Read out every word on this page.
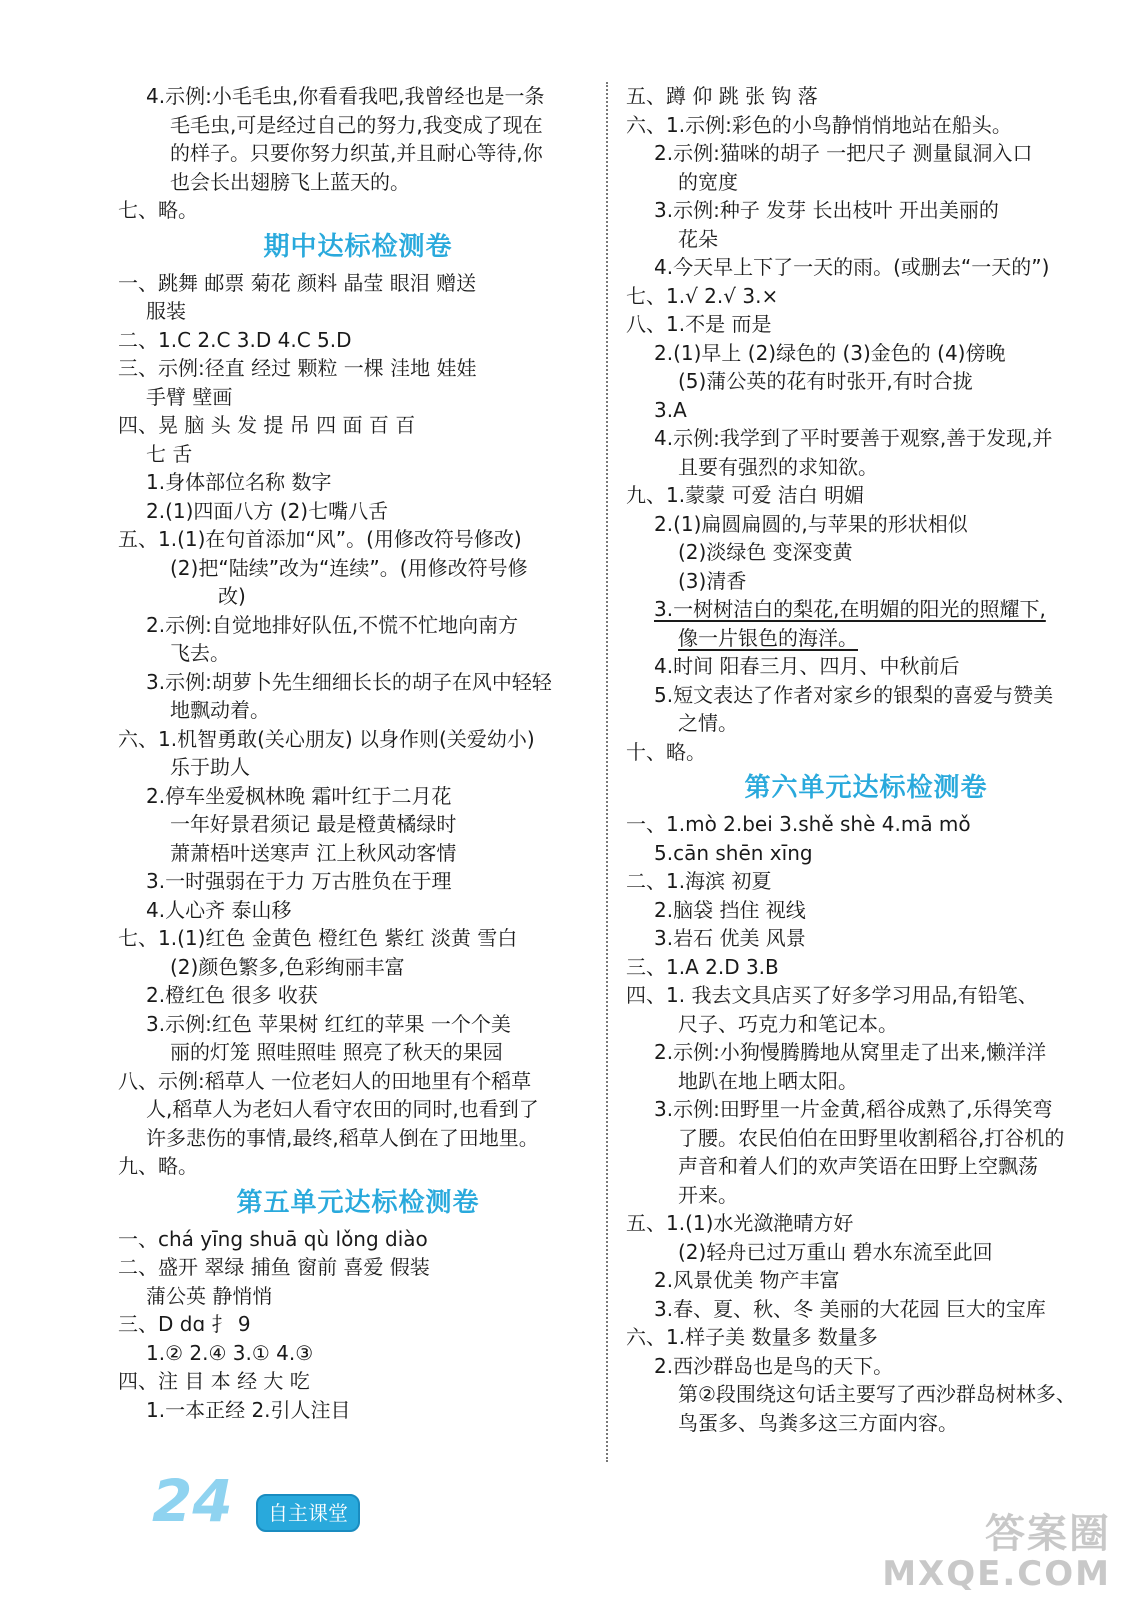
4.示例:小毛毛虫,你看看我吧,我曾经也是一条
毛毛虫,可是经过自己的努力,我变成了现在
的样子。只要你努力织茧,并且耐心等待,你
也会长出翅膀飞上蓝天的。
七、略。
期中达标检测卷
一、跳舞 邮票 菊花 颜料 晶莹 眼泪 赠送
服装
二、1.C 2.C 3.D 4.C 5.D
三、示例:径直 经过 颗粒 一棵 洼地 娃娃
手臂 壁画
四、晃 脑 头 发 提 吊 四 面 百 百
七 舌
1.身体部位名称 数字
2.(1)四面八方 (2)七嘴八舌
五、1.(1)在句首添加“风”。(用修改符号修改)
(2)把“陆续”改为“连续”。(用修改符号修
改)
2.示例:自觉地排好队伍,不慌不忙地向南方
飞去。
3.示例:胡萝卜先生细细长长的胡子在风中轻轻
地飘动着。
六、1.机智勇敢(关心朋友) 以身作则(关爱幼小)
乐于助人
2.停车坐爱枫林晚 霜叶红于二月花
一年好景君须记 最是橙黄橘绿时
萧萧梧叶送寒声 江上秋风动客情
3.一时强弱在于力 万古胜负在于理
4.人心齐 泰山移
七、1.(1)红色 金黄色 橙红色 紫红 淡黄 雪白
(2)颜色繁多,色彩绚丽丰富
2.橙红色 很多 收获
3.示例:红色 苹果树 红红的苹果 一个个美
丽的灯笼 照哇照哇 照亮了秋天的果园
八、示例:稻草人 一位老妇人的田地里有个稻草
人,稻草人为老妇人看守农田的同时,也看到了
许多悲伤的事情,最终,稻草人倒在了田地里。
九、略。
第五单元达标检测卷
一、chá yīng shuā qù lǒng diào
二、盛开 翠绿 捕鱼 窗前 喜爱 假装
蒲公英 静悄悄
三、D dɑ 扌 9
1.② 2.④ 3.① 4.③
四、注 目 本 经 大 吃
1.一本正经 2.引人注目
五、蹲 仰 跳 张 钩 落
六、1.示例:彩色的小鸟静悄悄地站在船头。
2.示例:猫咪的胡子 一把尺子 测量鼠洞入口
的宽度
3.示例:种子 发芽 长出枝叶 开出美丽的
花朵
4.今天早上下了一天的雨。(或删去“一天的”)
七、1.√ 2.√ 3.×
八、1.不是 而是
2.(1)早上 (2)绿色的 (3)金色的 (4)傍晚
(5)蒲公英的花有时张开,有时合拢
3.A
4.示例:我学到了平时要善于观察,善于发现,并
且要有强烈的求知欲。
九、1.蒙蒙 可爱 洁白 明媚
2.(1)扁圆扁圆的,与苹果的形状相似
(2)淡绿色 变深变黄
(3)清香
3.一树树洁白的梨花,在明媚的阳光的照耀下,
像一片银色的海洋。
4.时间 阳春三月、四月、中秋前后
5.短文表达了作者对家乡的银梨的喜爱与赞美
之情。
十、略。
第六单元达标检测卷
一、1.mò 2.bei 3.shě shè 4.mā mǒ
5.cān shēn xīng
二、1.海滨 初夏
2.脑袋 挡住 视线
3.岩石 优美 风景
三、1.A 2.D 3.B
四、1. 我去文具店买了好多学习用品,有铅笔、
尺子、巧克力和笔记本。
2.示例:小狗慢腾腾地从窝里走了出来,懒洋洋
地趴在地上晒太阳。
3.示例:田野里一片金黄,稻谷成熟了,乐得笑弯
了腰。农民伯伯在田野里收割稻谷,打谷机的
声音和着人们的欢声笑语在田野上空飘荡
开来。
五、1.(1)水光潋滟晴方好
(2)轻舟已过万重山 碧水东流至此回
2.风景优美 物产丰富
3.春、夏、秋、冬 美丽的大花园 巨大的宝库
六、1.样子美 数量多 数量多
2.西沙群岛也是鸟的天下。
第②段围绕这句话主要写了西沙群岛树林多、
鸟蛋多、鸟粪多这三方面内容。
24	自主课堂	答案圈
MXQE.COM
